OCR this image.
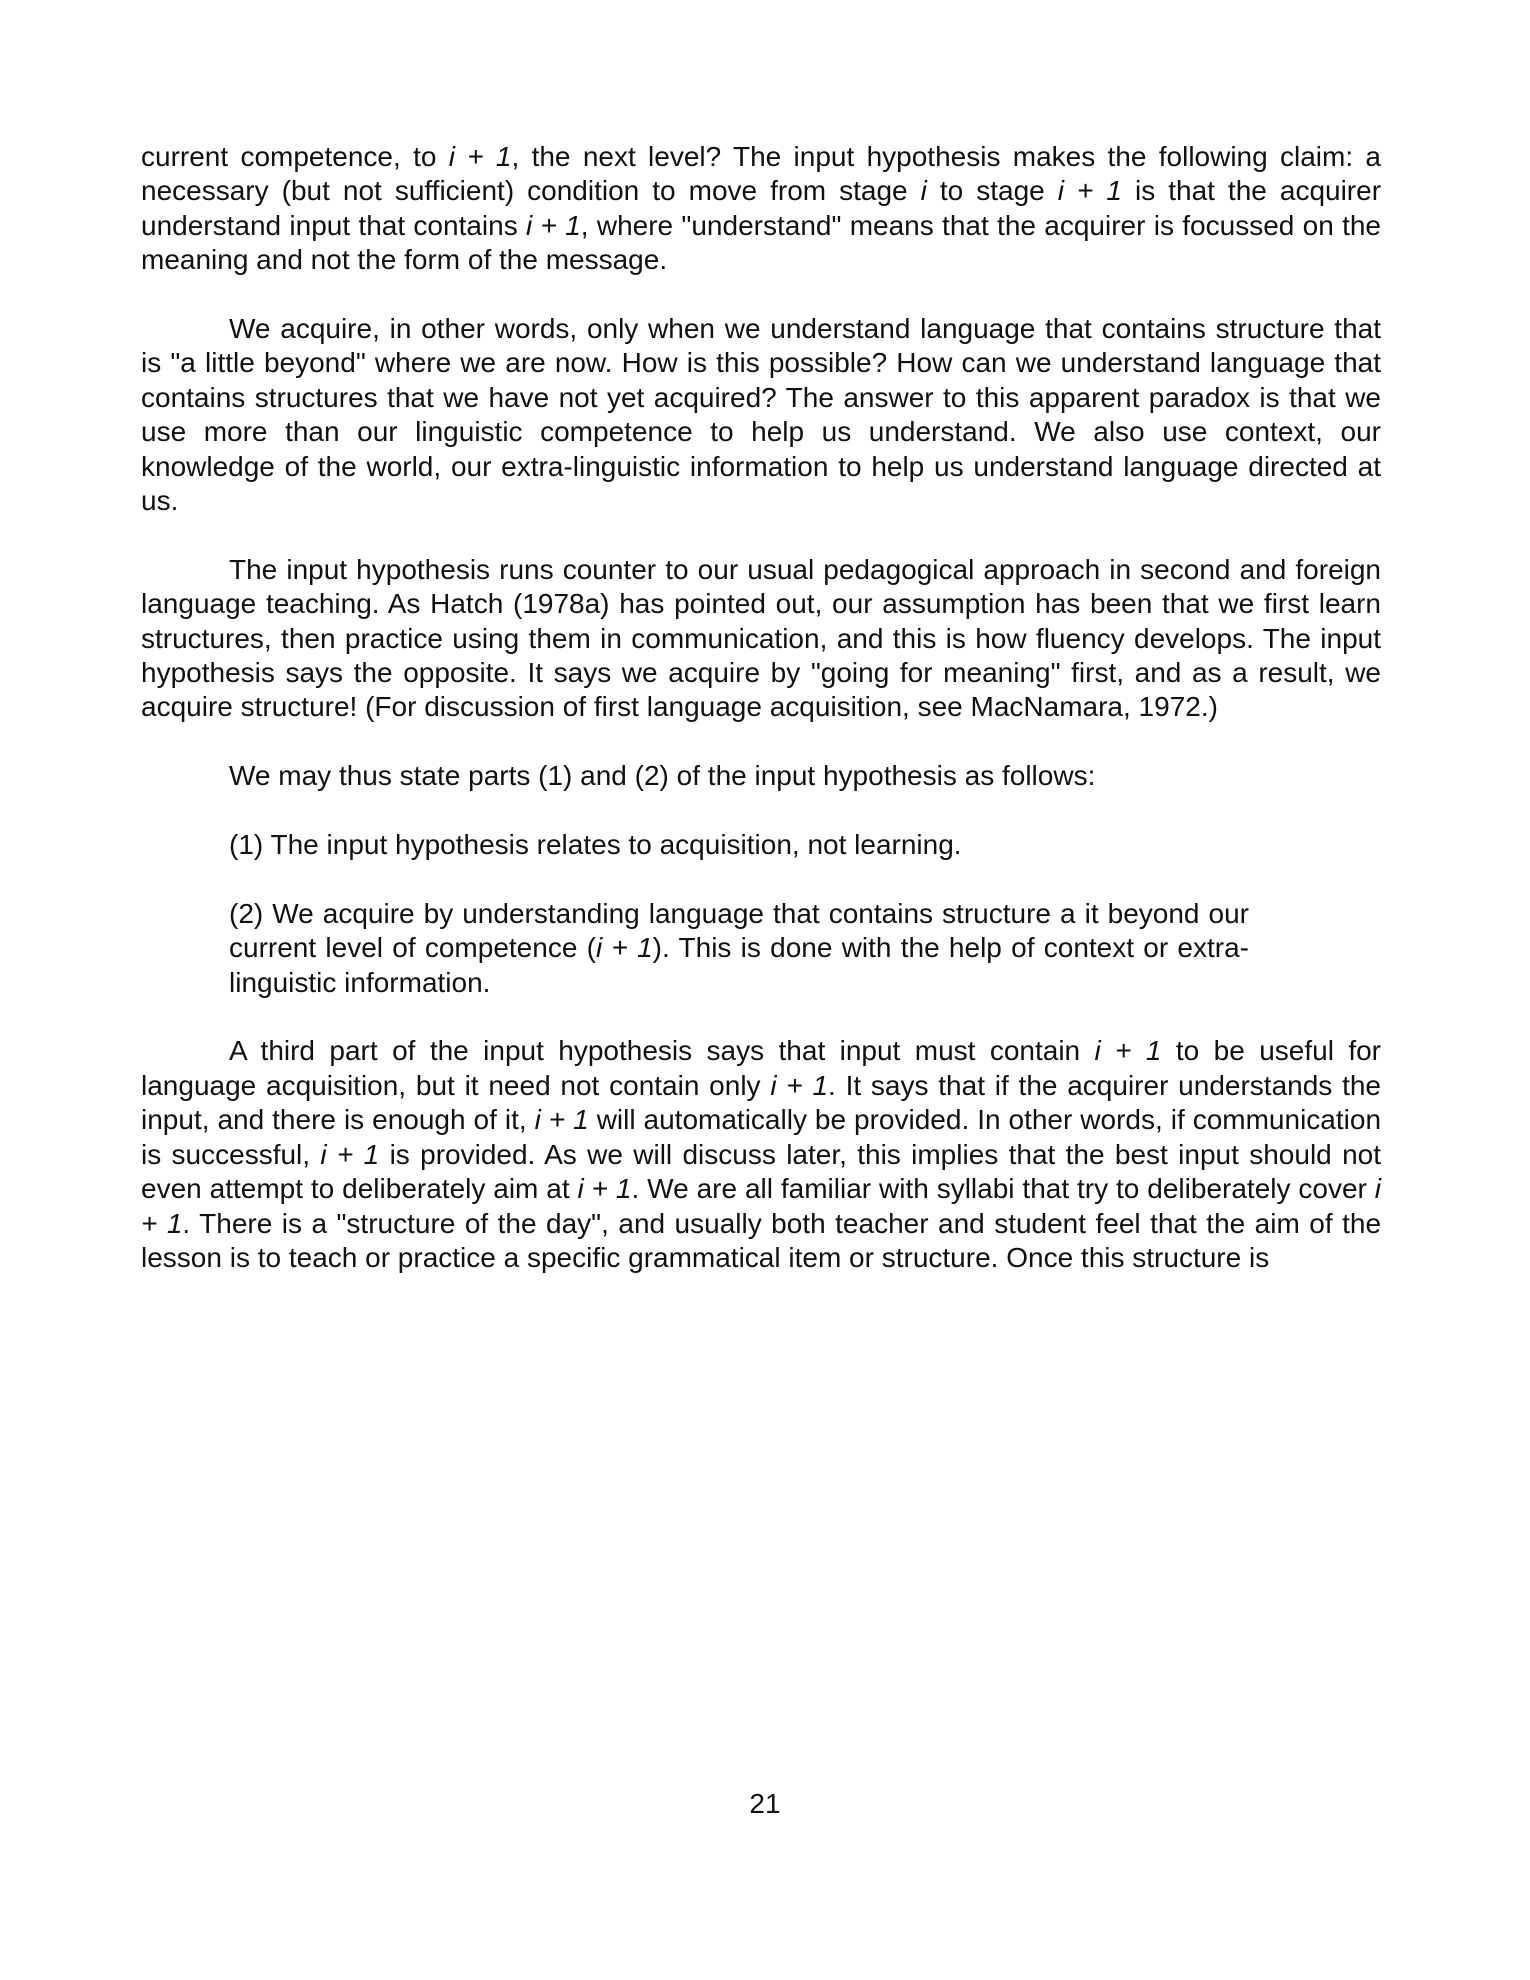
current competence, to i + 1, the next level? The input hypothesis makes the following claim: a necessary (but not sufficient) condition to move from stage i to stage i + 1 is that the acquirer understand input that contains i + 1, where "understand" means that the acquirer is focussed on the meaning and not the form of the message.

We acquire, in other words, only when we understand language that contains structure that is "a little beyond" where we are now. How is this possible? How can we understand language that contains structures that we have not yet acquired? The answer to this apparent paradox is that we use more than our linguistic competence to help us understand. We also use context, our knowledge of the world, our extra-linguistic information to help us understand language directed at us.

The input hypothesis runs counter to our usual pedagogical approach in second and foreign language teaching. As Hatch (1978a) has pointed out, our assumption has been that we first learn structures, then practice using them in communication, and this is how fluency develops. The input hypothesis says the opposite. It says we acquire by "going for meaning" first, and as a result, we acquire structure! (For discussion of first language acquisition, see MacNamara, 1972.)

We may thus state parts (1) and (2) of the input hypothesis as follows:

(1) The input hypothesis relates to acquisition, not learning.

(2) We acquire by understanding language that contains structure a it beyond our current level of competence (i + 1). This is done with the help of context or extra-linguistic information.

A third part of the input hypothesis says that input must contain i + 1 to be useful for language acquisition, but it need not contain only i + 1. It says that if the acquirer understands the input, and there is enough of it, i + 1 will automatically be provided. In other words, if communication is successful, i + 1 is provided. As we will discuss later, this implies that the best input should not even attempt to deliberately aim at i + 1. We are all familiar with syllabi that try to deliberately cover i + 1. There is a "structure of the day", and usually both teacher and student feel that the aim of the lesson is to teach or practice a specific grammatical item or structure. Once this structure is

21
